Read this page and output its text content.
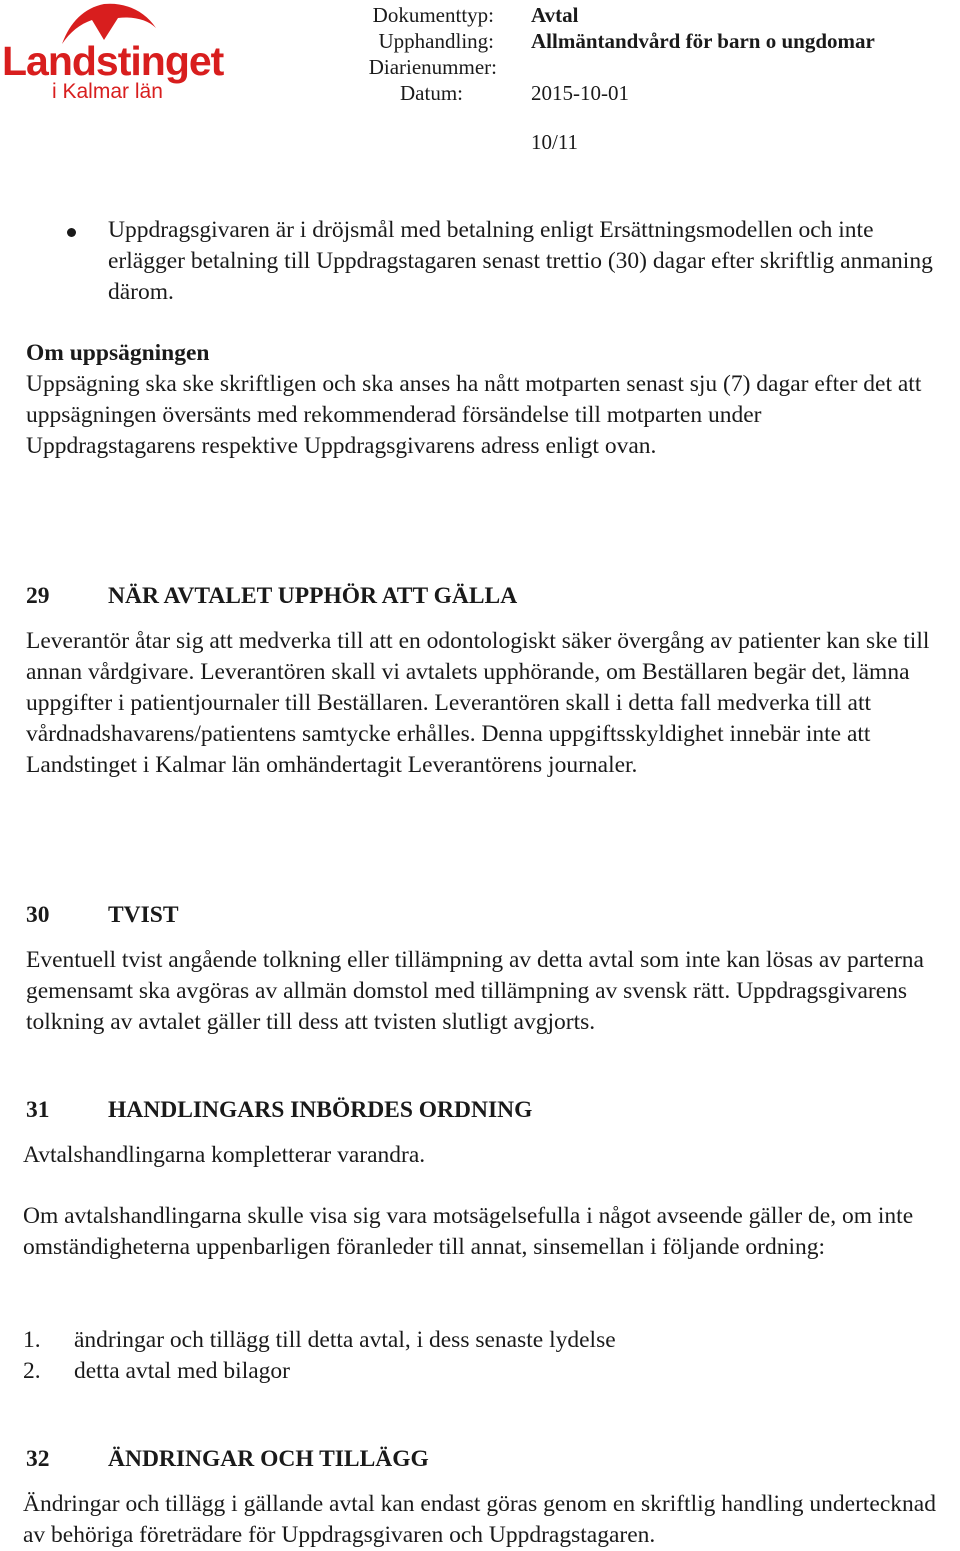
Landstinget
i Kalmar län
Dokumenttyp: Avtal
Upphandling: Allmäntandvård för barn o ungdomar
Diarienummer:
Datum:	2015-10-01
10/11

Uppdragsgivaren är i dröjsmål med betalning enligt Ersättningsmodellen och inte erlägger betalning till Uppdragstagaren senast trettio (30) dagar efter skriftlig anmaning därom.

Om uppsägningen

Uppsägning ska ske skriftligen och ska anses ha nått motparten senast sju (7) dagar efter det att uppsägningen översänts med rekommenderad försändelse till motparten under Uppdragstagarens respektive Uppdragsgivarens adress enligt ovan.

29 NÄR AVTALET UPPHÖR ATT GÄLLA

Leverantör åtar sig att medverka till att en odontologiskt säker övergång av patienter kan ske till annan vårdgivare. Leverantören skall vi avtalets upphörande, om Beställaren begär det, lämna uppgifter i patientjournaler till Beställaren. Leverantören skall i detta fall medverka till att vårdnadshavarens/patientens samtycke erhålles. Denna uppgiftsskyldighet innebär inte att Landstinget i Kalmar län omhändertagit Leverantörens journaler.

30 TVIST

Eventuell tvist angående tolkning eller tillämpning av detta avtal som inte kan lösas av parterna gemensamt ska avgöras av allmän domstol med tillämpning av svensk rätt. Uppdragsgivarens tolkning av avtalet gäller till dess att tvisten slutligt avgjorts.

31 HANDLINGARS INBÖRDES ORDNING

Avtalshandlingarna kompletterar varandra.

Om avtalshandlingarna skulle visa sig vara motsägelsefulla i något avseende gäller de, om inte omständigheterna uppenbarligen föranleder till annat, sinsemellan i följande ordning:

1. ändringar och tillägg till detta avtal, i dess senaste lydelse
2. detta avtal med bilagor
32 ÄNDRINGAR OCH TILLÄGG

Ändringar och tillägg i gällande avtal kan endast göras genom en skriftlig handling undertecknad av behöriga företrädare för Uppdragsgivaren och Uppdragstagaren.
